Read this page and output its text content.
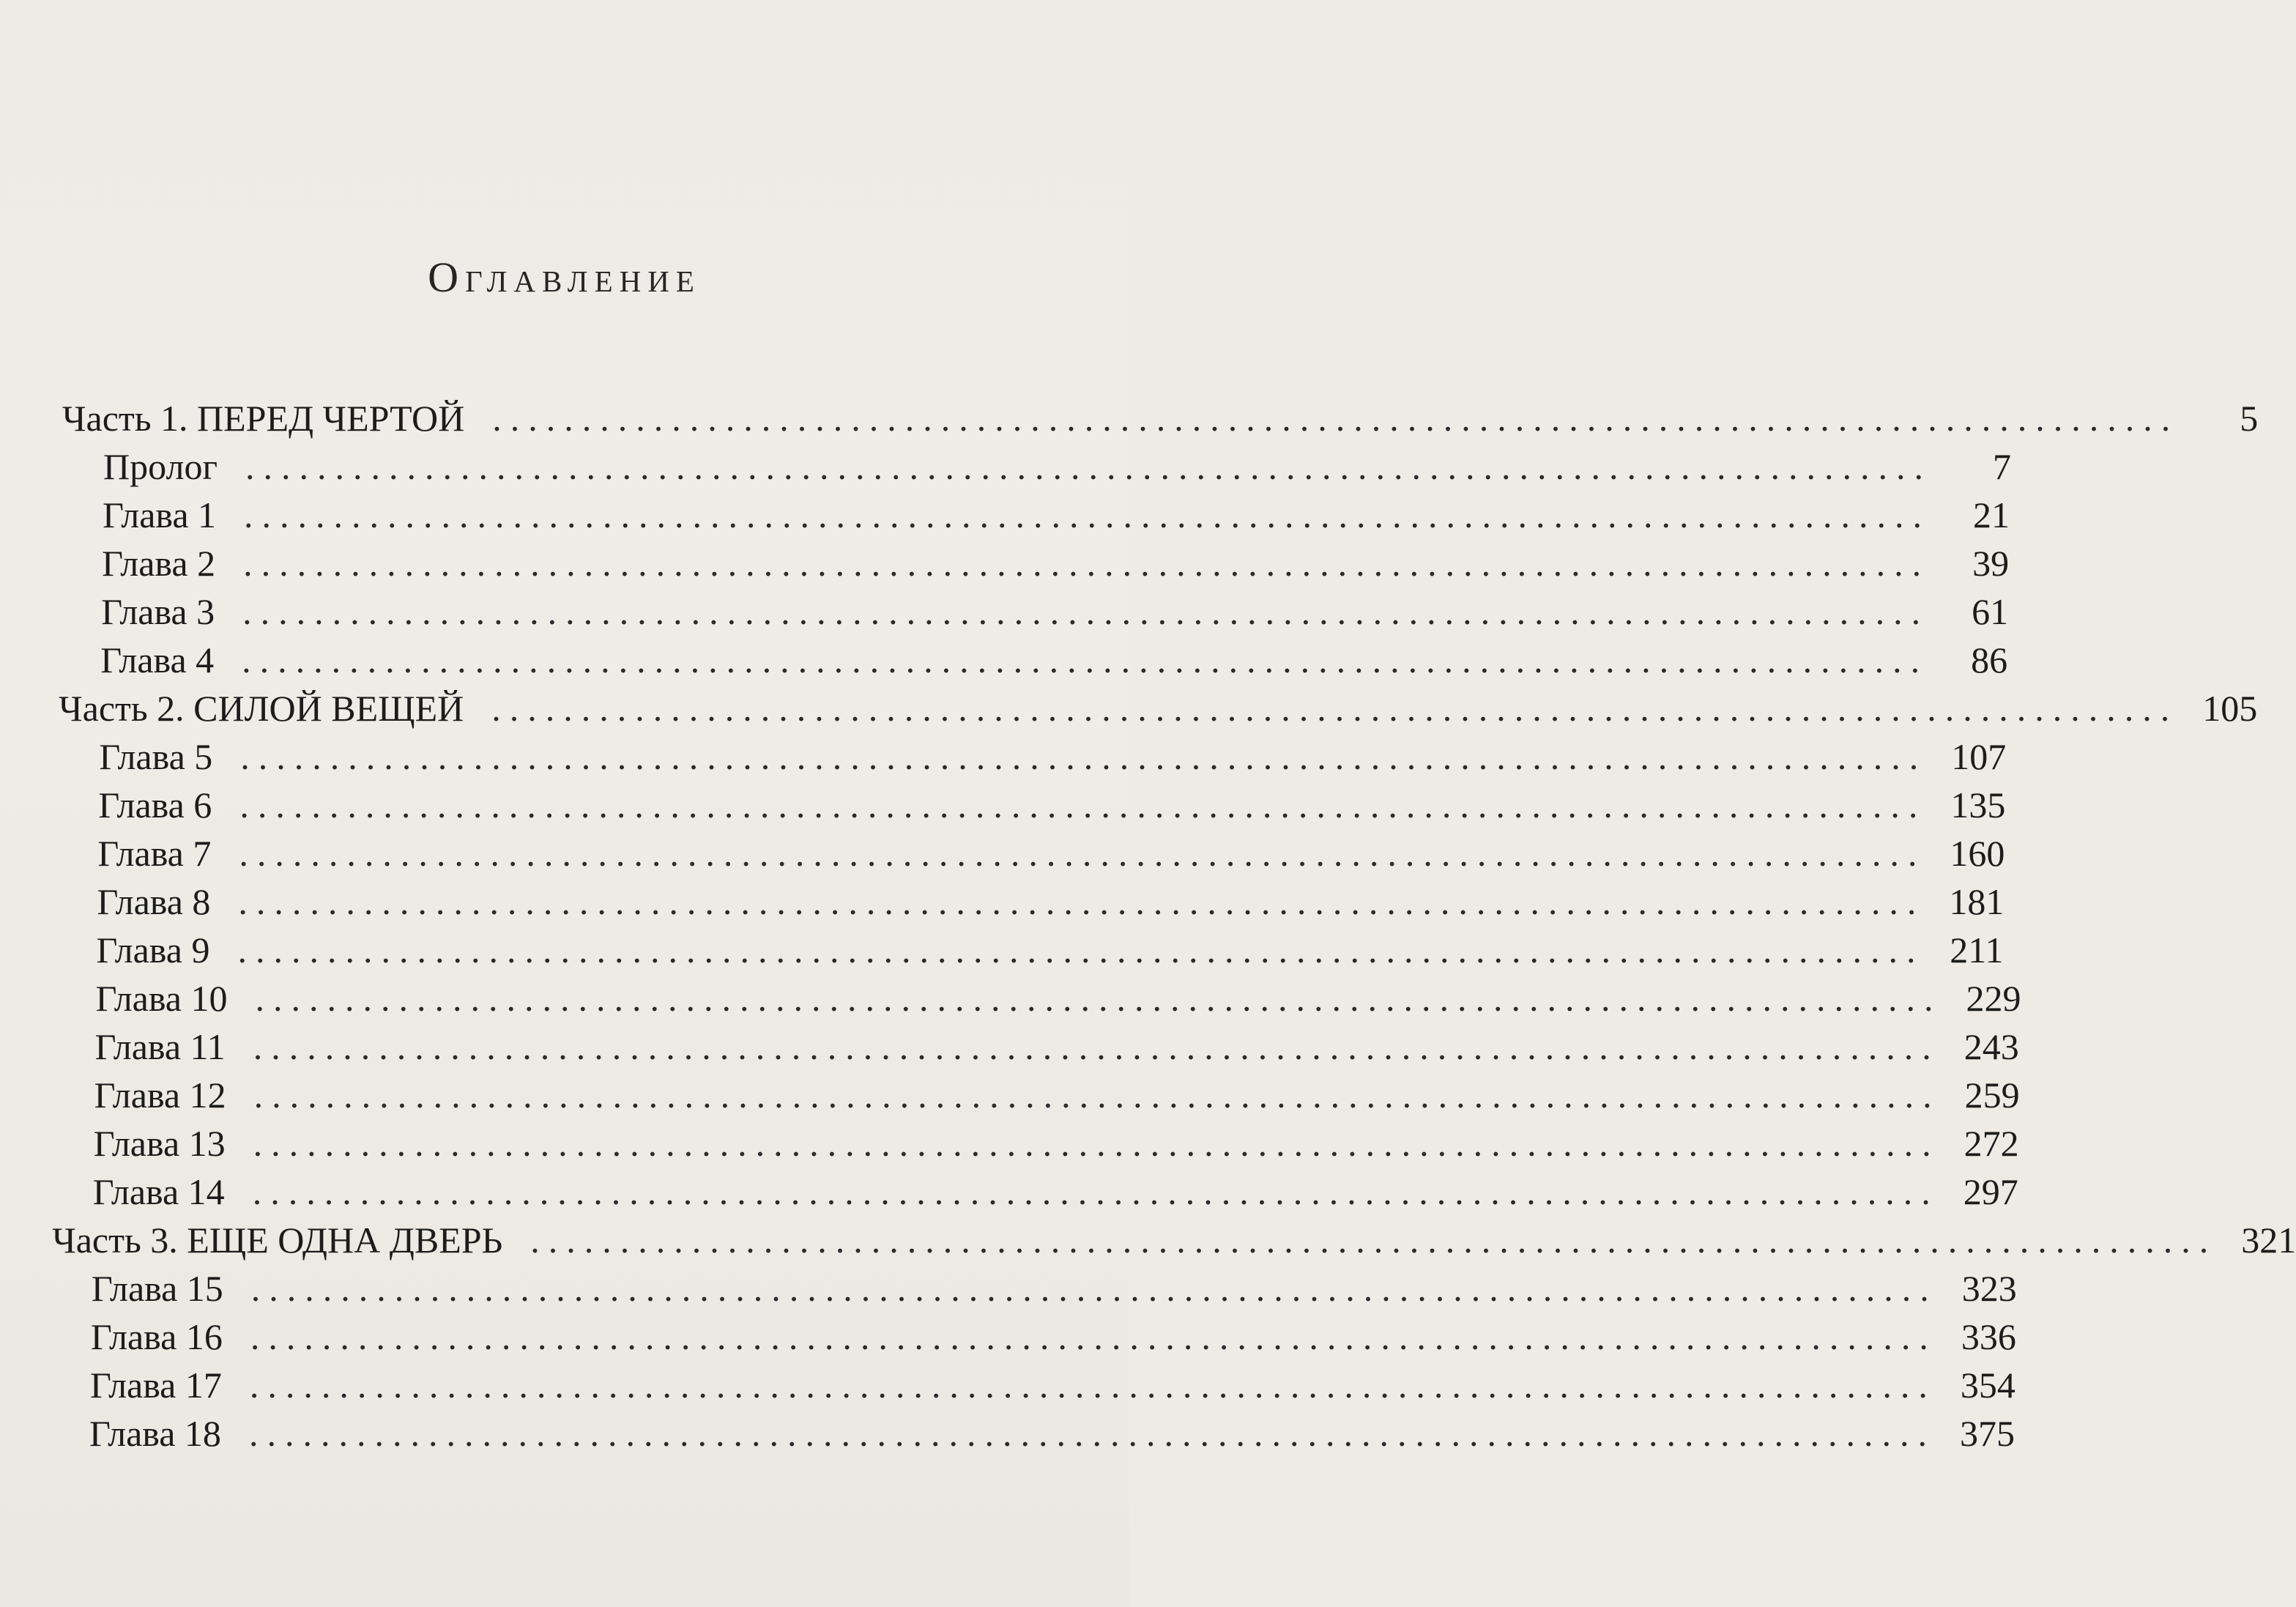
Оглавление
Часть 1. ПЕРЕД ЧЕРТОЙ ..............................................................................................	5
Пролог ..............................................................................................	7
Глава 1 ..............................................................................................	21
Глава 2 ..............................................................................................	39
Глава 3 ..............................................................................................	61
Глава 4 ..............................................................................................	86
Часть 2. СИЛОЙ ВЕЩЕЙ .............................................................................................. 105
Глава 5 .............................................................................................. 107
Глава 6 .............................................................................................. 135
Глава 7 .............................................................................................. 160
Глава 8 .............................................................................................. 181
Глава 9 .............................................................................................. 211
Глава 10 .............................................................................................. 229
Глава 11 .............................................................................................. 243
Глава 12 .............................................................................................. 259
Глава 13 .............................................................................................. 272
Глава 14 .............................................................................................. 297
Часть 3. ЕЩЕ ОДНА ДВЕРЬ .............................................................................................. 321
Глава 15 .............................................................................................. 323
Глава 16 .............................................................................................. 336
Глава 17 .............................................................................................. 354
Глава 18 .............................................................................................. 375
